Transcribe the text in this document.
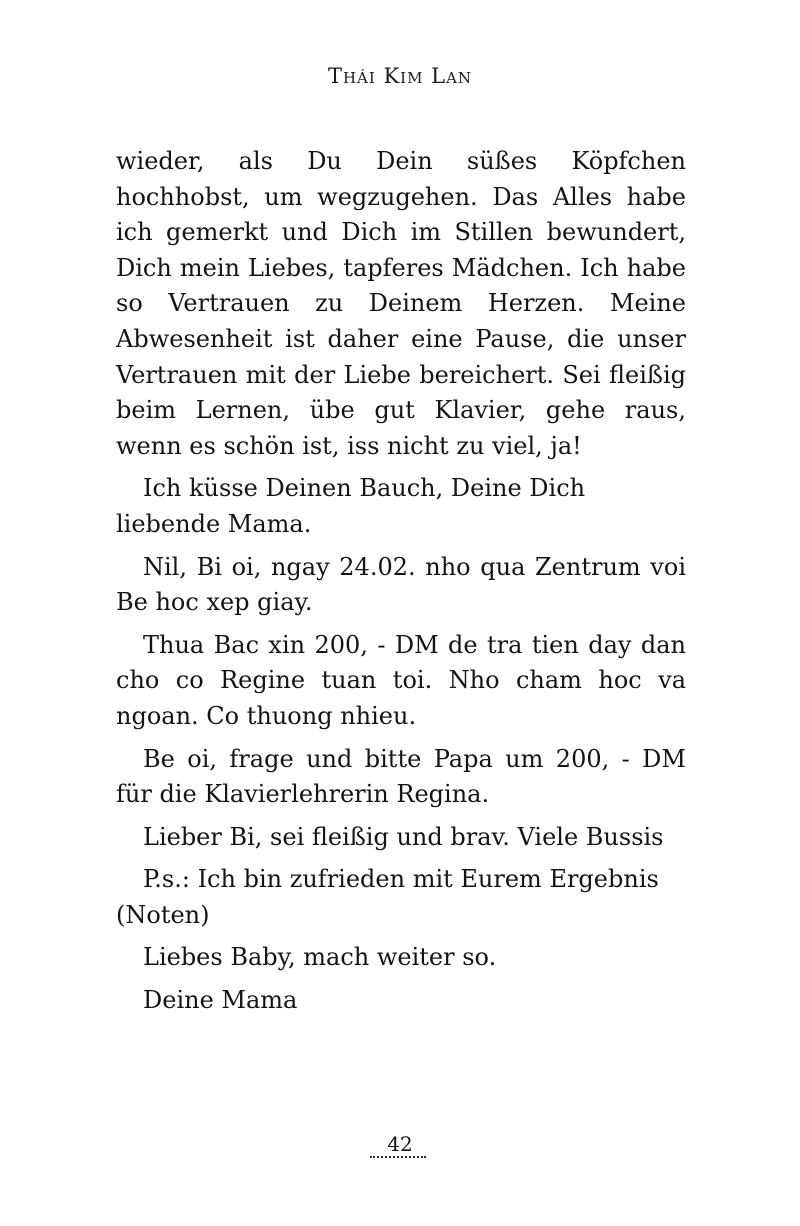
Thái Kim Lan

wieder, als Du Dein süßes Köpfchen hochhobst, um wegzugehen. Das Alles habe ich gemerkt und Dich im Stillen bewundert, Dich mein Liebes, tapferes Mädchen. Ich habe so Vertrauen zu Deinem Herzen. Meine Abwesenheit ist daher eine Pause, die unser Vertrauen mit der Liebe bereichert. Sei fleißig beim Lernen, übe gut Klavier, gehe raus, wenn es schön ist, iss nicht zu viel, ja!

Ich küsse Deinen Bauch, Deine Dich liebende Mama.

Nil, Bi oi, ngay 24.02. nho qua Zentrum voi Be hoc xep giay.

Thua Bac xin 200, - DM de tra tien day dan cho co Regine tuan toi. Nho cham hoc va ngoan. Co thuong nhieu.

Be oi, frage und bitte Papa um 200, - DM für die Klavierlehrerin Regina.

Lieber Bi, sei fleißig und brav. Viele Bussis

P.s.: Ich bin zufrieden mit Eurem Ergebnis (Noten)

Liebes Baby, mach weiter so.

Deine Mama

42
